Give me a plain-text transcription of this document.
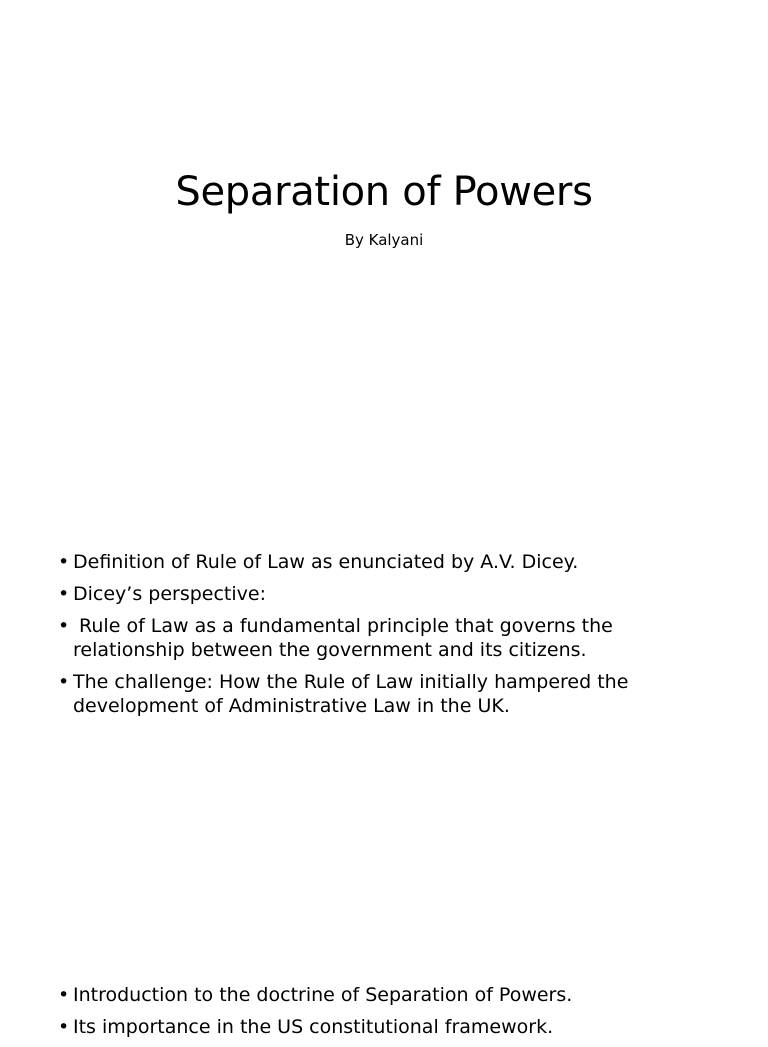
Separation of Powers

By Kalyani

• Definition of Rule of Law as enunciated by A.V. Dicey.
• Dicey’s perspective:
• Rule of Law as a fundamental principle that governs the relationship between the government and its citizens.
• The challenge: How the Rule of Law initially hampered the development of Administrative Law in the UK.
• Introduction to the doctrine of Separation of Powers.
• Its importance in the US constitutional framework.
